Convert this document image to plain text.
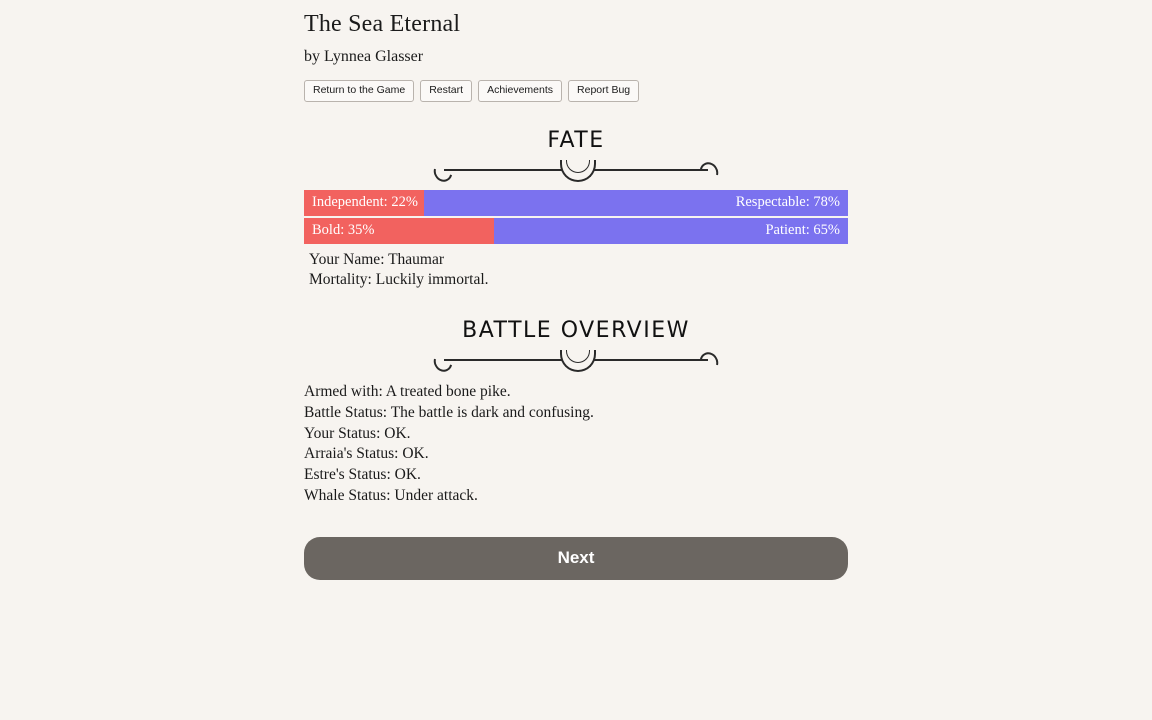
The Sea Eternal
by Lynnea Glasser
Return to the Game	Restart	Achievements	Report Bug
FATE
Independent: 22%	Respectable: 78%
Bold: 35%	Patient: 65%
Your Name: Thaumar
Mortality: Luckily immortal.
BATTLE OVERVIEW
Armed with: A treated bone pike.
Battle Status: The battle is dark and confusing.
Your Status: OK.
Arraia's Status: OK.
Estre's Status: OK.
Whale Status: Under attack.
Next
